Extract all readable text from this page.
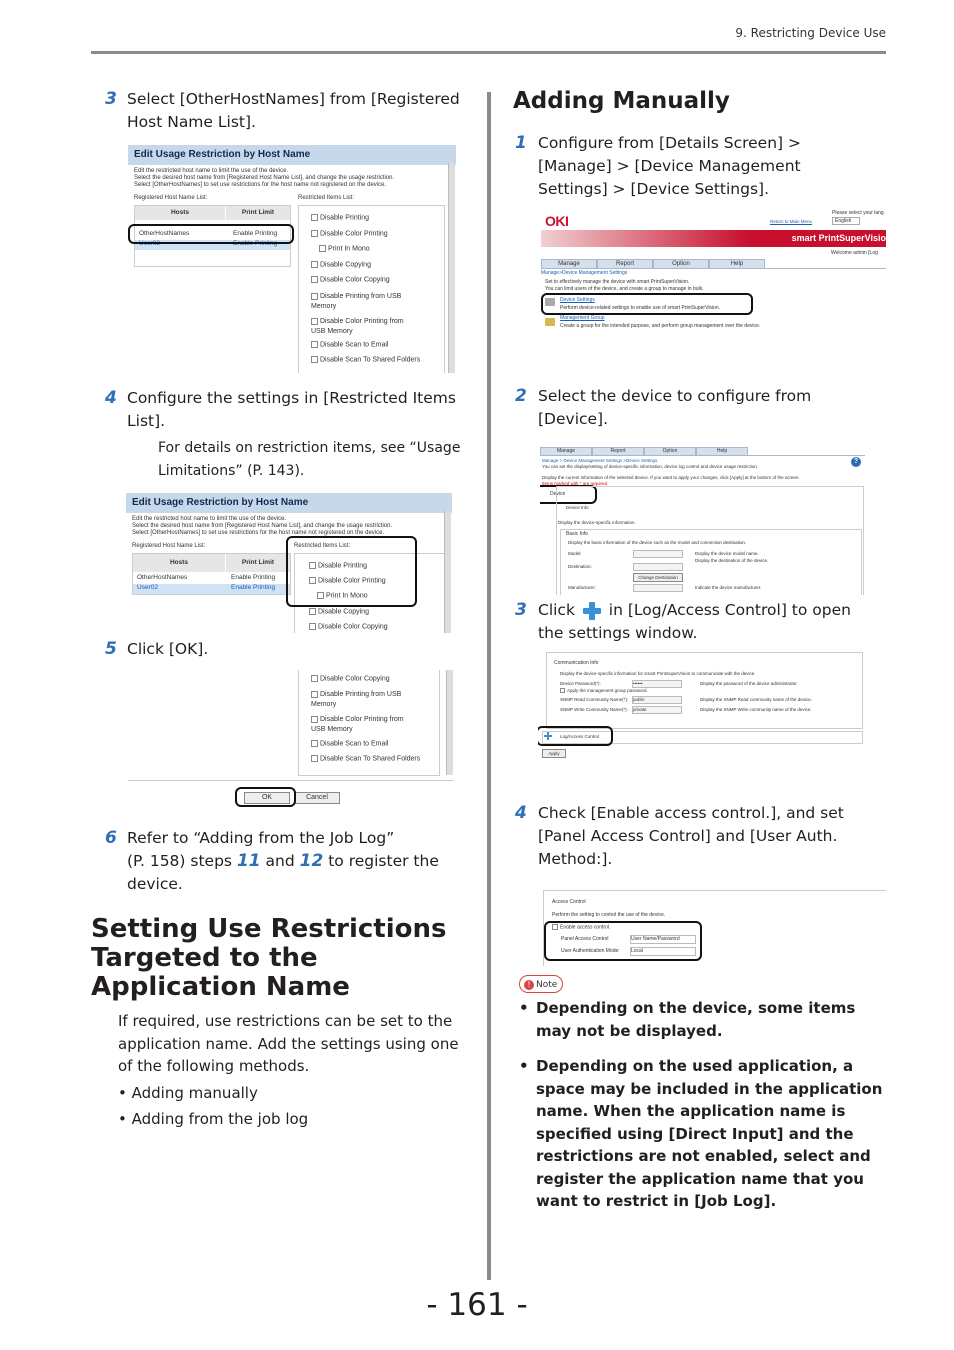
9. Restricting Device Use
3 Select [OtherHostNames] from [Registered Host Name List].
Edit Usage Restriction by Host Name
Edit the restricted host name to limit the use of the device.
Select the desired host name from [Registered Host Name List], and change the usage restriction.
Select [OtherHostNames] to set use restrictions for the host name not registered on the device.
Registered Host Name List:	Restricted Items List:
Hosts	Print Limit
OtherHostNames	Enable Printing
User02	Enable Printing
Disable Printing
Disable Color Printing
Print In Mono
Disable Copying
Disable Color Copying
Disable Printing from USB Memory
Disable Color Printing from USB Memory
Disable Scan to Email
Disable Scan To Shared Folders
4 Configure the settings in [Restricted Items List].
For details on restriction items, see “Usage Limitations” (P. 143).
Edit Usage Restriction by Host Name
Edit the restricted host name to limit the use of the device.
Select the desired host name from [Registered Host Name List], and change the usage restriction.
Select [OtherHostNames] to set use restrictions for the host name not registered on the device.
Registered Host Name List:	Restricted Items List:
Hosts	Print Limit
OtherHostNames	Enable Printing
User02	Enable Printing
Disable Printing
Disable Color Printing
Print In Mono
Disable Copying
Disable Color Copying
5 Click [OK].
Disable Color Copying
Disable Printing from USB Memory
Disable Color Printing from USB Memory
Disable Scan to Email
Disable Scan To Shared Folders
OK	Cancel
6 Refer to “Adding from the Job Log”
(P. 158) steps 11 and 12 to register the
device.
Setting Use Restrictions Targeted to the Application Name
If required, use restrictions can be set to the application name. Add the settings using one of the following methods.
• Adding manually
• Adding from the job log
Adding Manually
1 Configure from [Details Screen] > [Manage] > [Device Management Settings] > [Device Settings].
OKI	Return to Main Menu
Please select your lang
English
smart PrintSuperVisio
Welcome admin [Log
Manage	Report	Option	Help
Manage>Device Management Settings
Set to effectively manage the device with smart PrintSuperVision.
You can limit users of the device, and create a group to manage in bulk.
Device Settings
Perform device-related settings to enable use of smart PrintSuperVision.
Management Group
Create a group for the intended purpose, and perform group management over the device.
2 Select the device to configure from [Device].
Manage	Report	Option	Help
?
Manage > Device Management Settings >Device Settings
You can set the display/setting of device-specific information, device log control and device usage restriction.
Display the current information of the selected device. If you want to apply your changes, click [Apply] at the bottom of the screen.
Items marked with * are required.
Device
Device Info
Display the device-specific information.
Basic Info
Display the basic information of the device such as the model and connection destination.
Model:	Display the device model name.
Destination:
Display the destination of the device.
Change Destination
Manufacturer:	Indicate the device manufacturer.
3 Click  in [Log/Access Control] to open
the settings window.
Communication Info
Display the device-specific information for smart PrintSuperVision to communicate with the device.
Device Password(*):	••••••	Display the password of the device administrator.
Apply the management group password.
SNMP Read Community Name(*): public	Display the SNMP Read community name of the device.
SNMP Write Community Name(*): private	Display the SNMP Write community name of the device.
Log/Access Control
Apply
4 Check [Enable access control.], and set [Panel Access Control] and [User Auth. Method:].
Access Control
Perform the setting to control the use of the device.
Enable access control.
Panel Access Control	User Name/Password
User Authentication Mode: Local
! Note
• Depending on the device, some items may not be displayed.
• Depending on the used application, a space may be included in the application name. When the application name is specified using [Direct Input] and the restrictions are not enabled, select and register the application name that you want to restrict in [Job Log].
- 161 -
